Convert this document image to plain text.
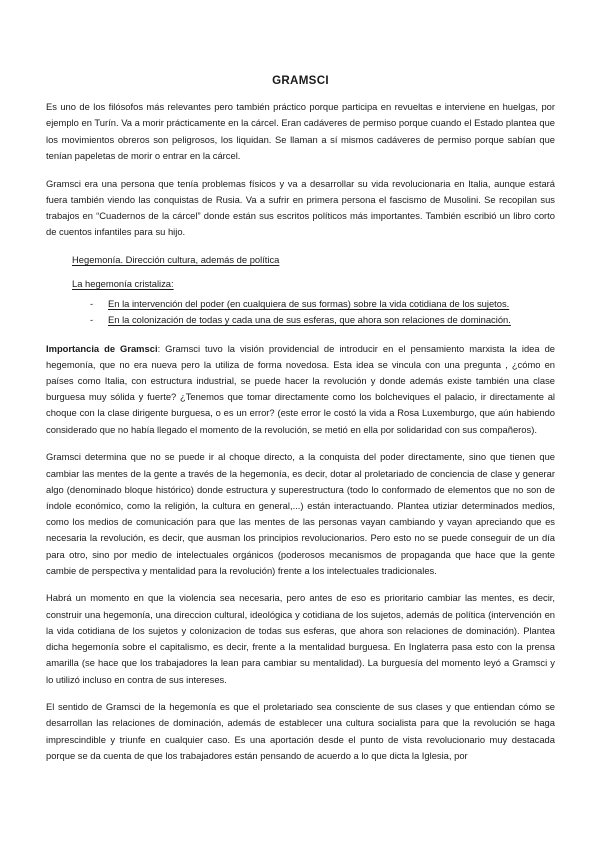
GRAMSCI

Es uno de los filósofos más relevantes pero también práctico porque participa en revueltas e interviene en huelgas, por ejemplo en Turín. Va a morir prácticamente en la cárcel. Eran cadáveres de permiso porque cuando el Estado plantea que los movimientos obreros son peligrosos, los liquidan. Se llaman a sí mismos cadáveres de permiso porque sabían que tenían papeletas de morir o entrar en la cárcel.

Gramsci era una persona que tenía problemas físicos y va a desarrollar su vida revolucionaria en Italia, aunque estará fuera también viendo las conquistas de Rusia. Va a sufrir en primera persona el fascismo de Musolini. Se recopilan sus trabajos en “Cuadernos de la cárcel” donde están sus escritos políticos más importantes. También escribió un libro corto de cuentos infantiles para su hijo.

Hegemonía. Dirección cultura, además de política
La hegemonía cristaliza:
- En la intervención del poder (en cualquiera de sus formas) sobre la vida cotidiana de los sujetos.
- En la colonización de todas y cada una de sus esferas, que ahora son relaciones de dominación.

Importancia de Gramsci: Gramsci tuvo la visión providencial de introducir en el pensamiento marxista la idea de hegemonía, que no era nueva pero la utiliza de forma novedosa. Esta idea se vincula con una pregunta , ¿cómo en países como Italia, con estructura industrial, se puede hacer la revolución y donde además existe también una clase burguesa muy sólida y fuerte? ¿Tenemos que tomar directamente como los bolcheviques el palacio, ir directamente al choque con la clase dirigente burguesa, o es un error? (este error le costó la vida a Rosa Luxemburgo, que aún habiendo considerado que no había llegado el momento de la revolución, se metió en ella por solidaridad con sus compañeros).

Gramsci determina que no se puede ir al choque directo, a la conquista del poder directamente, sino que tienen que cambiar las mentes de la gente a través de la hegemonía, es decir, dotar al proletariado de conciencia de clase y generar algo (denominado bloque histórico) donde estructura y superestructura (todo lo conformado de elementos que no son de índole económico, como la religión, la cultura en general,...) están interactuando. Plantea utiziar determinados medios, como los medios de comunicación para que las mentes de las personas vayan cambiando y vayan apreciando que es necesaria la revolución, es decir, que ausman los principios revolucionarios. Pero esto no se puede conseguir de un día para otro, sino por medio de intelectuales orgánicos (poderosos mecanismos de propaganda que hace que la gente cambie de perspectiva y mentalidad para la revolución) frente a los intelectuales tradicionales.

Habrá un momento en que la violencia sea necesaria, pero antes de eso es prioritario cambiar las mentes, es decir, construir una hegemonía, una direccion cultural, ideológica y cotidiana de los sujetos, además de política (intervención en la vida cotidiana de los sujetos y colonizacion de todas sus esferas, que ahora son relaciones de dominación). Plantea dicha hegemonía sobre el capitalismo, es decir, frente a la mentalidad burguesa. En Inglaterra pasa esto con la prensa amarilla (se hace que los trabajadores la lean para cambiar su mentalidad). La burguesía del momento leyó a Gramsci y lo utilizó incluso en contra de sus intereses.

El sentido de Gramsci de la hegemonía es que el proletariado sea consciente de sus clases y que entiendan cómo se desarrollan las relaciones de dominación, además de establecer una cultura socialista para que la revolución se haga imprescindible y triunfe en cualquier caso. Es una aportación desde el punto de vista revolucionario muy destacada porque se da cuenta de que los trabajadores están pensando de acuerdo a lo que dicta la Iglesia, por
